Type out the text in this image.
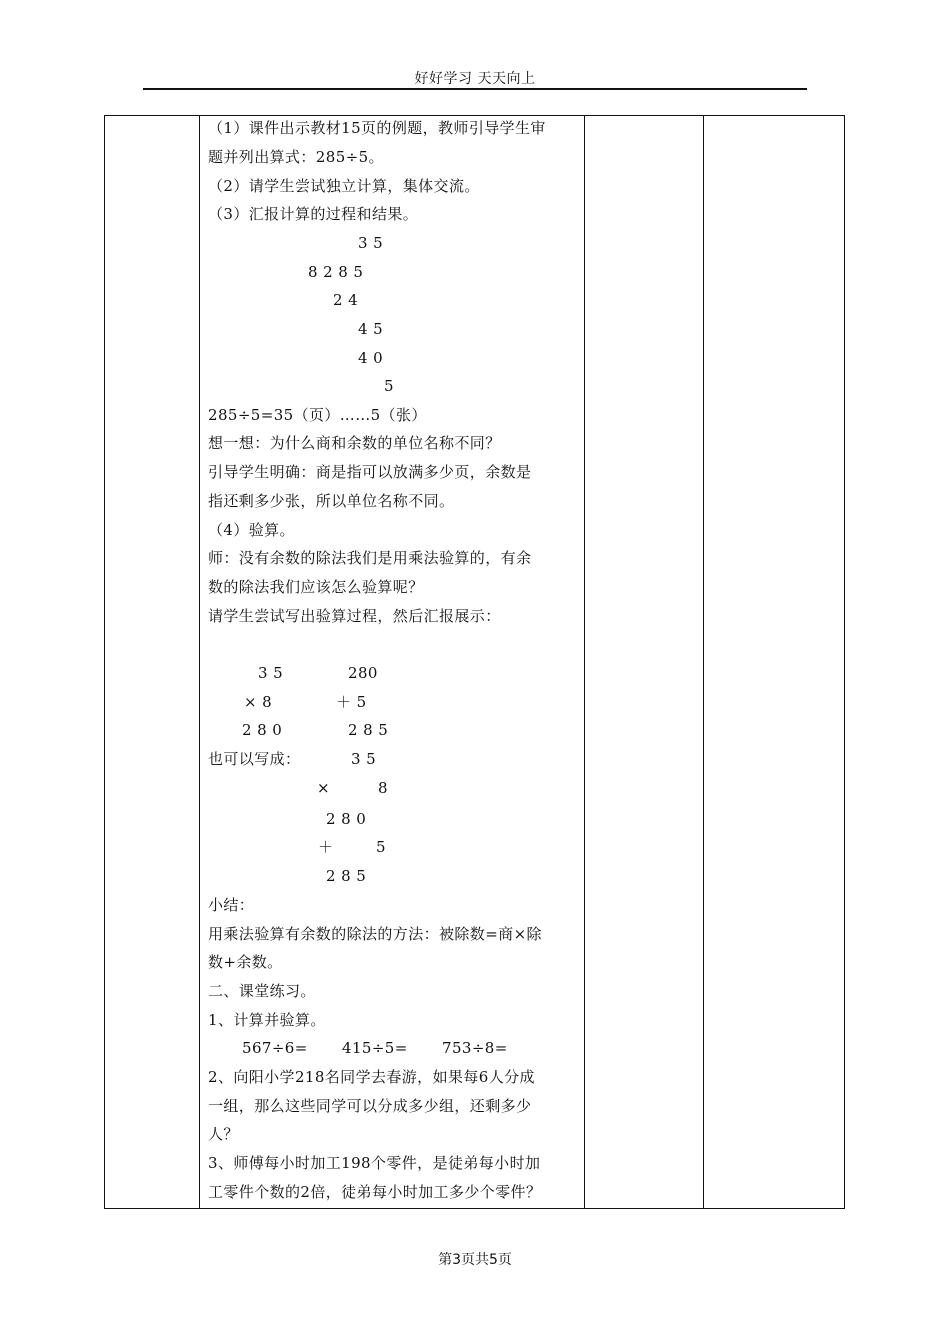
好好学习 天天向上
（1）课件出示教材15页的例题，教师引导学生审
题并列出算式：285÷5。
（2）请学生尝试独立计算，集体交流。
（3）汇报计算的过程和结果。
3 5
8 2 8 5
2 4
4 5
4 0
5
285÷5=35（页）……5（张）
想一想：为什么商和余数的单位名称不同？
引导学生明确：商是指可以放满多少页，余数是
指还剩多少张，所以单位名称不同。
（4）验算。
师：没有余数的除法我们是用乘法验算的，有余
数的除法我们应该怎么验算呢？
请学生尝试写出验算过程，然后汇报展示：
3 5	280
× 8	＋ 5
2 8 0	2 8 5
也可以写成：	3 5
×	8
2 8 0
＋	5
2 8 5
小结：
用乘法验算有余数的除法的方法：被除数=商×除
数+余数。
二、课堂练习。
1、计算并验算。
567÷6= 415÷5= 753÷8=
2、向阳小学218名同学去春游，如果每6人分成
一组，那么这些同学可以分成多少组，还剩多少
人？
3、师傅每小时加工198个零件，是徒弟每小时加
工零件个数的2倍，徒弟每小时加工多少个零件？
第3页共5页
